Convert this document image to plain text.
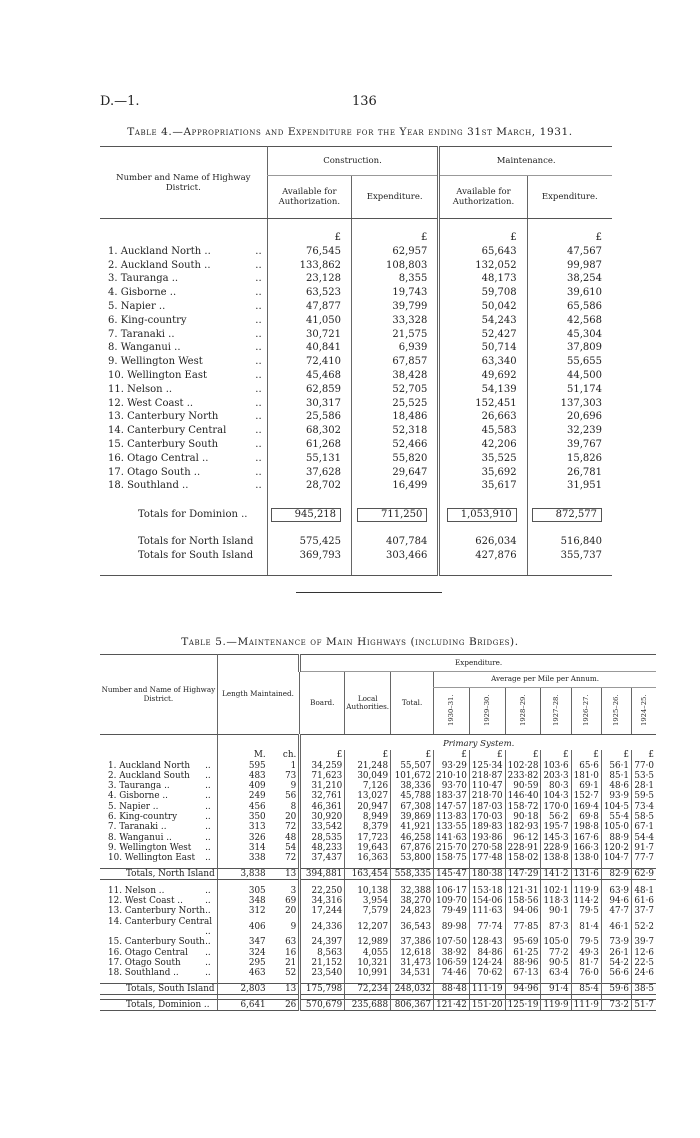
D.—1.	136
Table 4.—Appropriations and Expenditure for the Year ending 31st March, 1931.
Number and Name of Highway District.	Construction.		Maintenance.	
	Available for Authorization.	Expenditure.	Available for Authorization.	Expenditure.

	£	£	£	£
1. Auckland North .. ..	76,545	62,957	65,643	47,567
2. Auckland South .. ..	133,862	108,803	132,052	99,987
3. Tauranga .. ..	23,128	8,355	48,173	38,254
4. Gisborne .. ..	63,523	19,743	59,708	39,610
5. Napier .. ..	47,877	39,799	50,042	65,586
6. King-country ..	41,050	33,328	54,243	42,568
7. Taranaki .. ..	30,721	21,575	52,427	45,304
8. Wanganui .. ..	40,841	6,939	50,714	37,809
9. Wellington West ..	72,410	67,857	63,340	55,655
10. Wellington East ..	45,468	38,428	49,692	44,500
11. Nelson .. ..	62,859	52,705	54,139	51,174
12. West Coast .. ..	30,317	25,525	152,451	137,303
13. Canterbury North ..	25,586	18,486	26,663	20,696
14. Canterbury Central ..	68,302	52,318	45,583	32,239
15. Canterbury South ..	61,268	52,466	42,206	39,767
16. Otago Central .. ..	55,131	55,820	35,525	15,826
17. Otago South .. ..	37,628	29,647	35,692	26,781
18. Southland .. ..	28,702	16,499	35,617	31,951

Totals for Dominion ..	945,218	711,250	1,053,910	872,577

Totals for North Island	575,425	407,784	626,034	516,840
Totals for South Island	369,793	303,466	427,876	355,737

Table 5.—Maintenance of Main Highways (including Bridges).
Number and Name of Highway District.	Length Maintained.		Expenditure.									
			Board.	Local Authorities.	Total.	Average per Mile per Annum.						
						1930–31.	1929–30.	1928–29.	1927–28.	1926–27.	1925–26.	1924–25.
			Primary System.									
	M.	ch.	£	£	£	£	£	£	£	£	£	£
1. Auckland North ..	595	1	34,259	21,248	55,507	93·29	125·34	102·28	103·6	65·6	56·1	77·0
2. Auckland South ..	483	73	71,623	30,049	101,672	210·10	218·87	233·82	203·3	181·0	85·1	53·5
3. Tauranga .. ..	409	9	31,210	7,126	38,336	93·70	110·47	90·59	80·3	69·1	48·6	28·1
4. Gisborne .. ..	249	56	32,761	13,027	45,788	183·37	218·70	146·40	104·3	152·7	93·9	59·5
5. Napier .. ..	456	8	46,361	20,947	67,308	147·57	187·03	158·72	170·0	169·4	104·5	73·4
6. King-country ..	350	20	30,920	8,949	39,869	113·83	170·03	90·18	56·2	69·8	55·4	58·5
7. Taranaki .. ..	313	72	33,542	8,379	41,921	133·55	189·83	182·93	195·7	198·8	105·0	67·1
8. Wanganui .. ..	326	48	28,535	17,723	46,258	141·63	193·86	96·12	145·3	167·6	88·9	54·4
9. Wellington West ..	314	54	48,233	19,643	67,876	215·70	270·58	228·91	228·9	166·3	120·2	91·7
10. Wellington East ..	338	72	37,437	16,363	53,800	158·75	177·48	158·02	138·8	138·0	104·7	77·7

Totals, North Island	3,838	13	394,881	163,454	558,335	145·47	180·38	147·29	141·2	131·6	82·9	62·9

11. Nelson .. ..	305	3	22,250	10,138	32,388	106·17	153·18	121·31	102·1	119·9	63·9	48·1
12. West Coast .. ..	348	69	34,316	3,954	38,270	109·70	154·06	158·56	118·3	114·2	94·6	61·6
13. Canterbury North ..	312	20	17,244	7,579	24,823	79·49	111·63	94·06	90·1	79·5	47·7	37·7
14. Canterbury Central
..	406	9	24,336	12,207	36,543	89·98	77·74	77·85	87·3	81·4	46·1	52·2
15. Canterbury South ..	347	63	24,397	12,989	37,386	107·50	128·43	95·69	105·0	79·5	73·9	39·7
16. Otago Central ..	324	16	8,563	4,055	12,618	38·92	84·86	61·25	77·2	49·3	26·1	12·6
17. Otago South ..	295	21	21,152	10,321	31,473	106·59	124·24	88·96	90·5	81·7	54·2	22·5
18. Southland .. ..	463	52	23,540	10,991	34,531	74·46	70·62	67·13	63·4	76·0	56·6	24·6

Totals, South Island	2,803	13	175,798	72,234	248,032	88·48	111·19	94·96	91·4	85·4	59·6	38·5

Totals, Dominion ..	6,641	26	570,679	235,688	806,367	121·42	151·20	125·19	119·9	111·9	73·2	51·7
